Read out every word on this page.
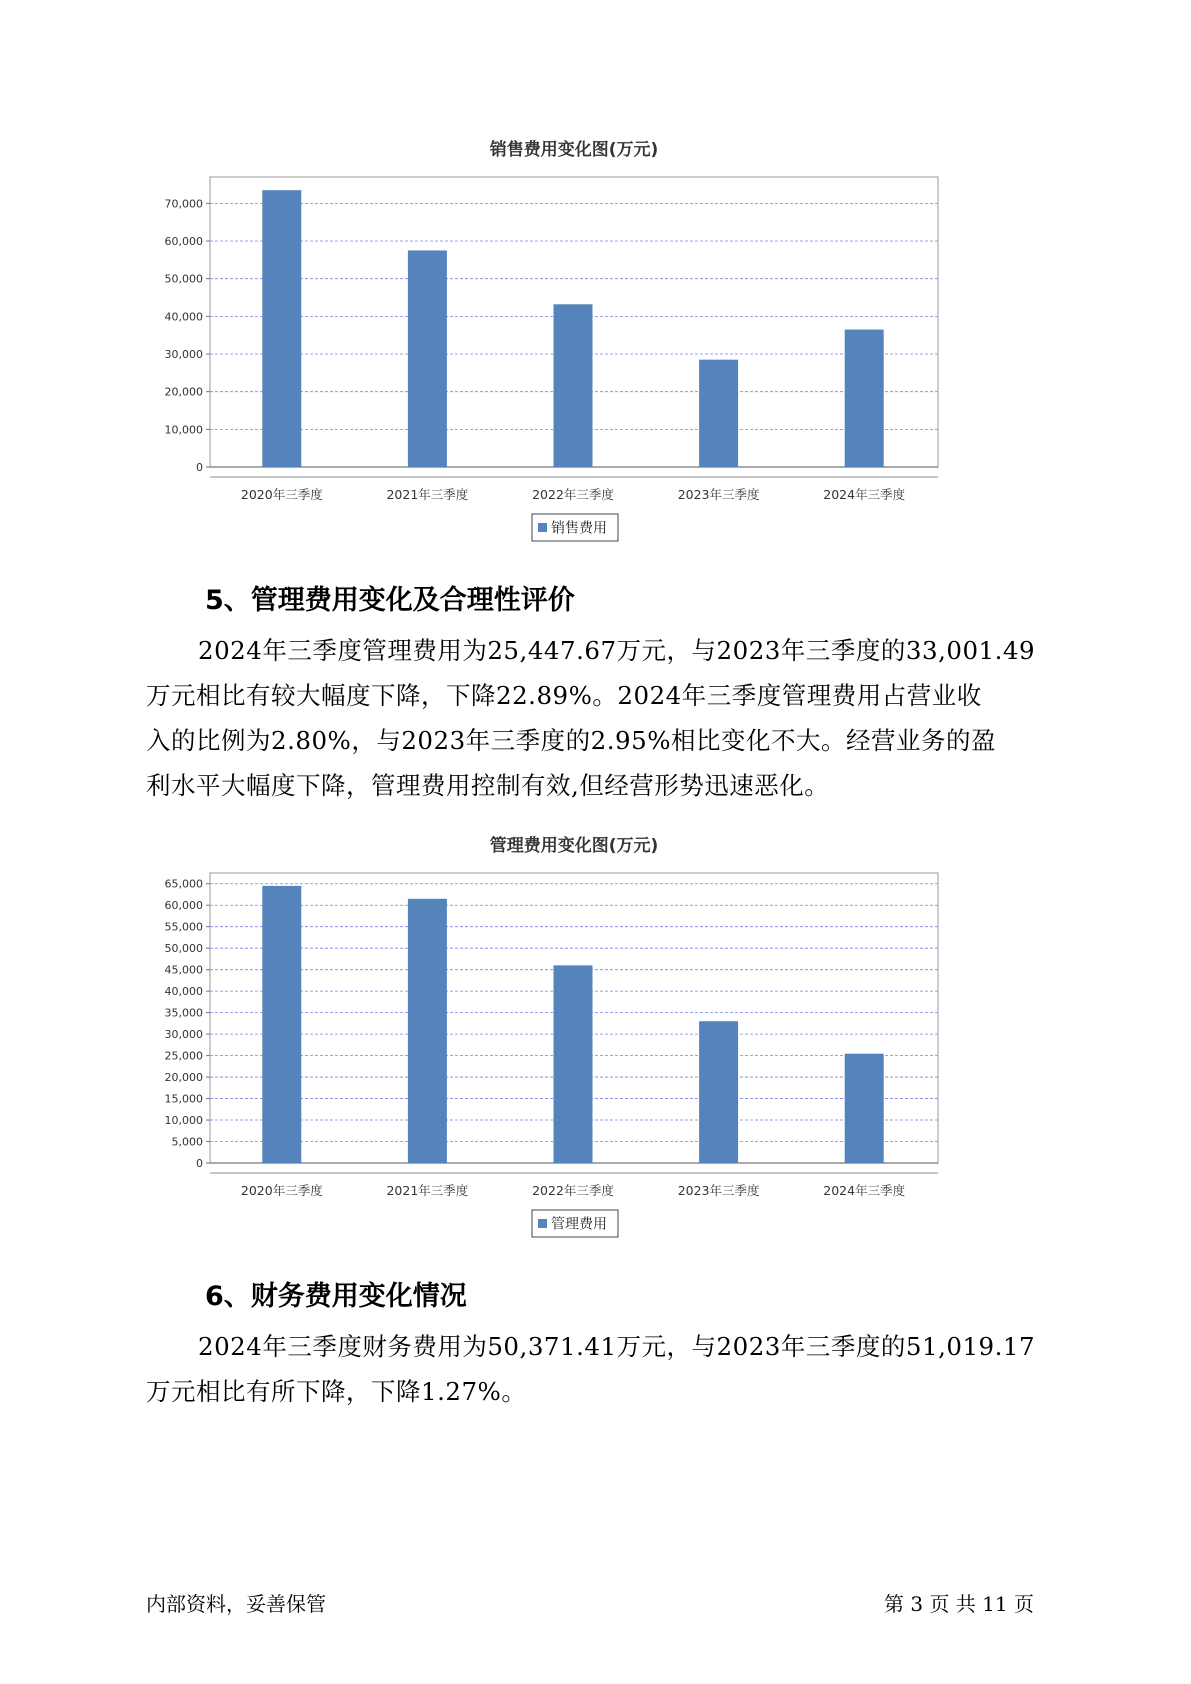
销售费用变化图(万元)
0
10,000
20,000
30,000
40,000
50,000
60,000
70,000
2020年三季度	2021年三季度	2022年三季度	2023年三季度	2024年三季度
销售费用
5、管理费用变化及合理性评价
2024年三季度管理费用为25,447.67万元，与2023年三季度的33,001.49
万元相比有较大幅度下降，下降22.89%。2024年三季度管理费用占营业收
入的比例为2.80%，与2023年三季度的2.95%相比变化不大。经营业务的盈
利水平大幅度下降，管理费用控制有效,但经营形势迅速恶化。
管理费用变化图(万元)
0
5,000
10,000
15,000
20,000
25,000
30,000
35,000
40,000
45,000
50,000
55,000
60,000
65,000
2020年三季度	2021年三季度	2022年三季度	2023年三季度	2024年三季度
管理费用
6、财务费用变化情况
2024年三季度财务费用为50,371.41万元，与2023年三季度的51,019.17
万元相比有所下降，下降1.27%。
内部资料，妥善保管	第 3 页 共 11 页
